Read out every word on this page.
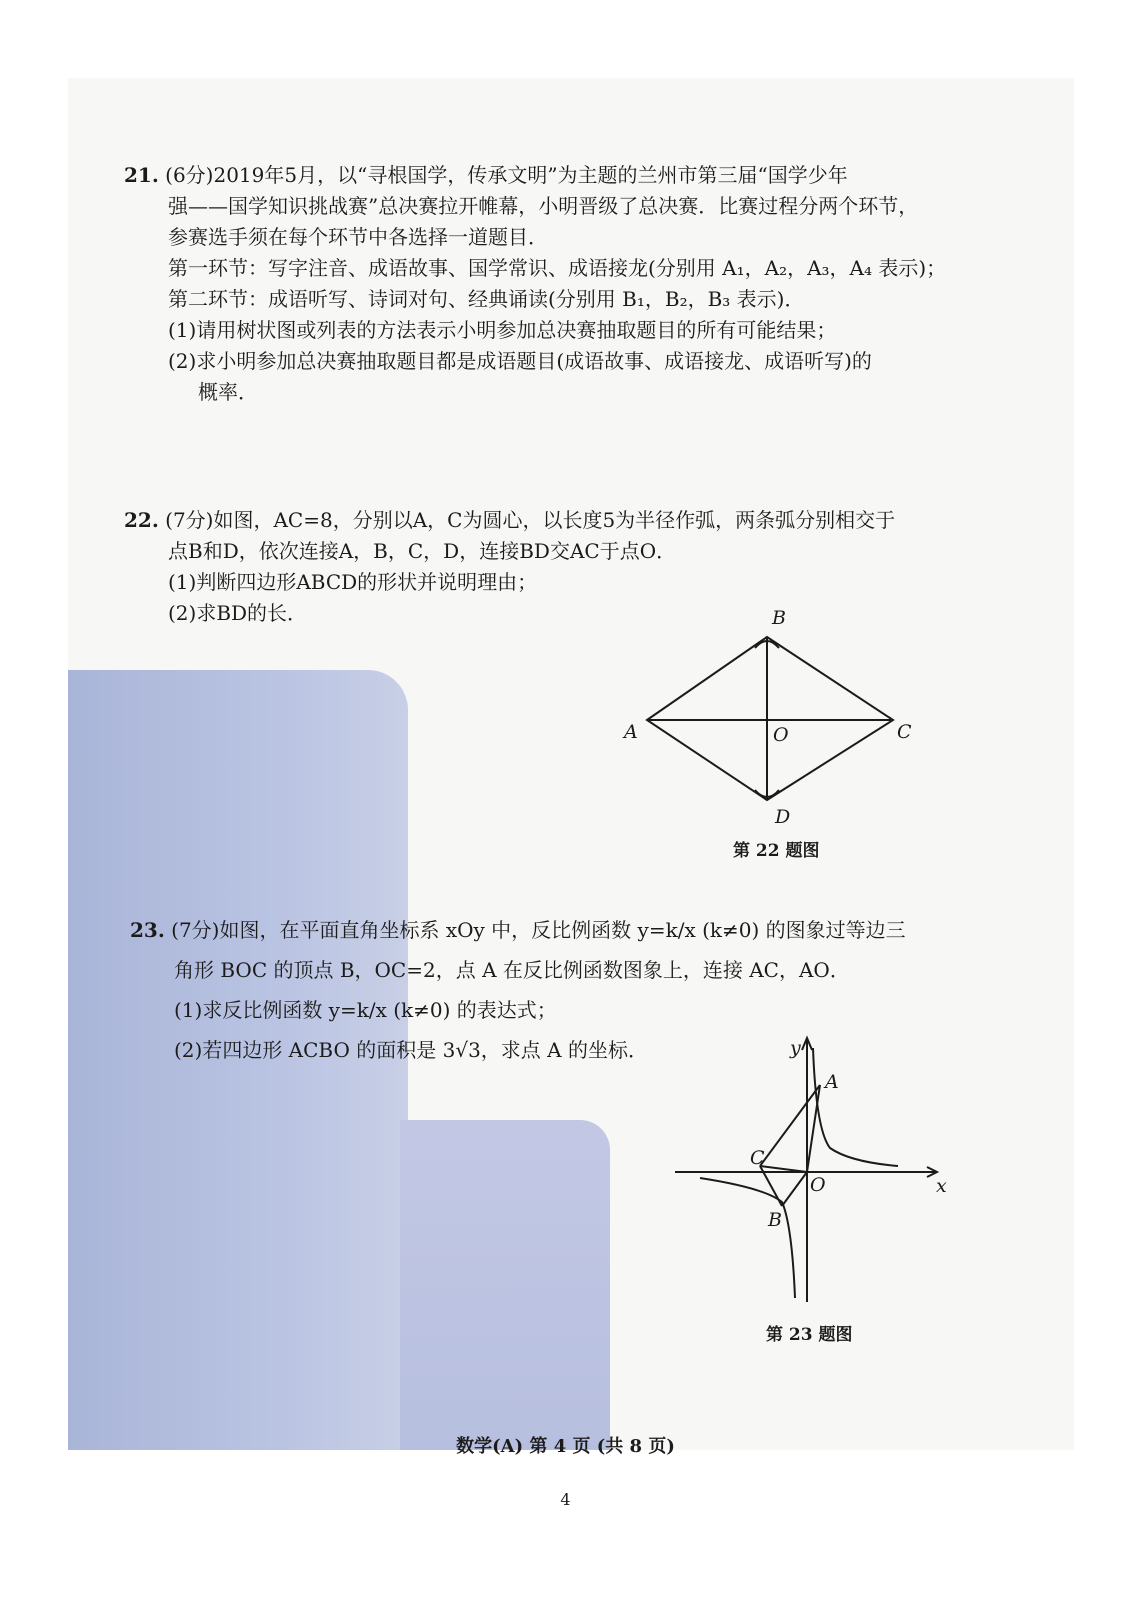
21. (6分)2019年5月，以“寻根国学，传承文明”为主题的兰州市第三届“国学少年
强——国学知识挑战赛”总决赛拉开帷幕，小明晋级了总决赛．比赛过程分两个环节，
参赛选手须在每个环节中各选择一道题目．
第一环节：写字注音、成语故事、国学常识、成语接龙(分别用 A₁，A₂，A₃，A₄ 表示)；
第二环节：成语听写、诗词对句、经典诵读(分别用 B₁，B₂，B₃ 表示)．
(1)请用树状图或列表的方法表示小明参加总决赛抽取题目的所有可能结果；
(2)求小明参加总决赛抽取题目都是成语题目(成语故事、成语接龙、成语听写)的
概率．
22. (7分)如图，AC=8，分别以A，C为圆心，以长度5为半径作弧，两条弧分别相交于
点B和D，依次连接A，B，C，D，连接BD交AC于点O．
(1)判断四边形ABCD的形状并说明理由；
(2)求BD的长．	B
A	C
O
D
第 22 题图
23. (7分)如图，在平面直角坐标系 xOy 中，反比例函数 y=k/x (k≠0) 的图象过等边三
角形 BOC 的顶点 B，OC=2，点 A 在反比例函数图象上，连接 AC，AO．
(1)求反比例函数 y=k/x (k≠0) 的表达式；
(2)若四边形 ACBO 的面积是 3√3，求点 A 的坐标．	y
x
A
C
O
B
第 23 题图
数学(A) 第 4 页 (共 8 页)
4
